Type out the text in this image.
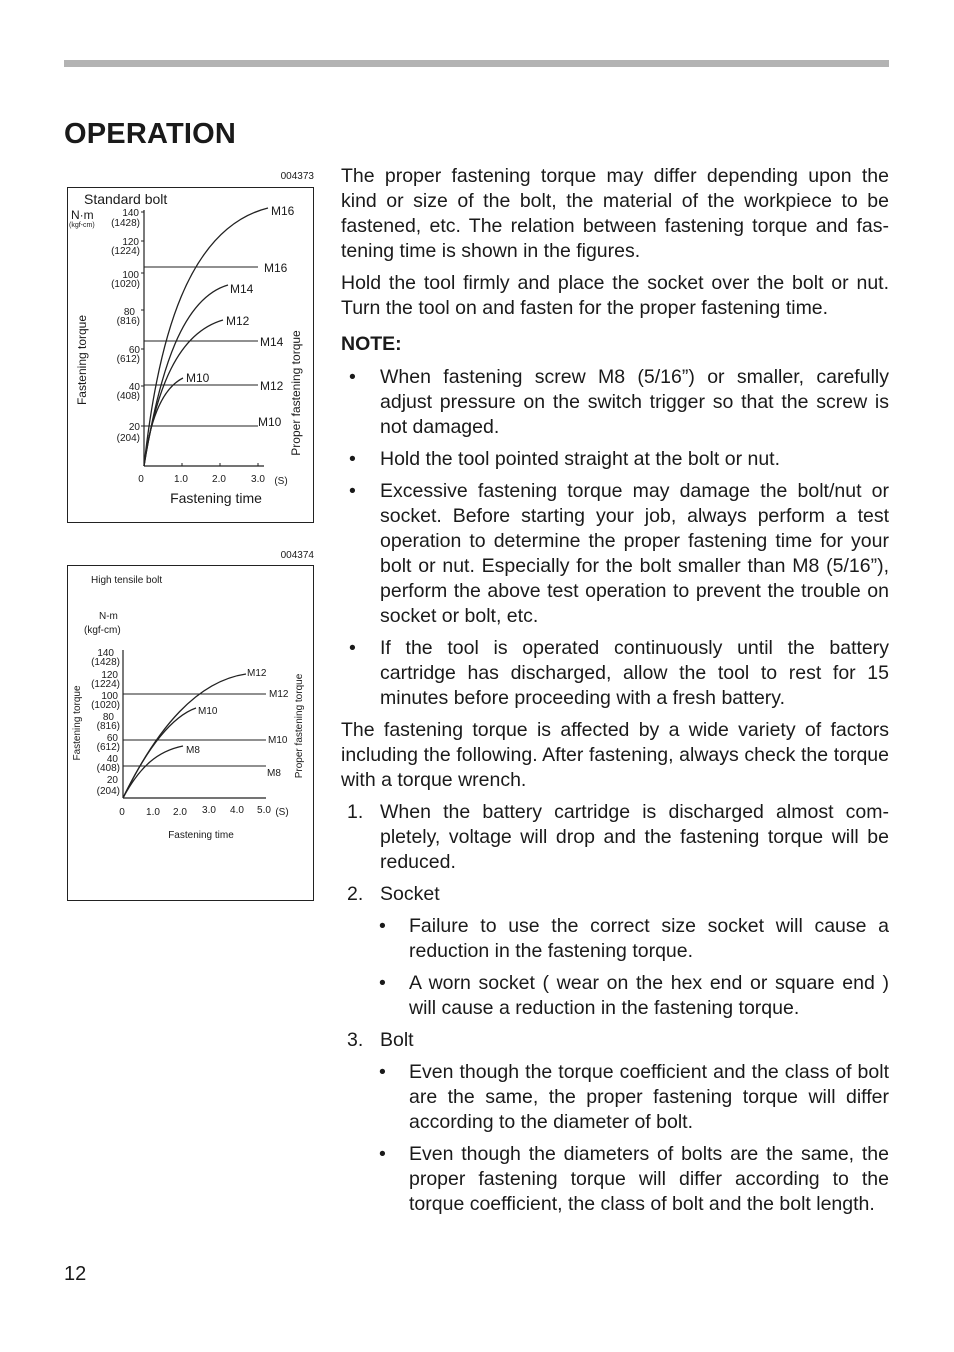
OPERATION
004373
Standard bolt
N·m
(kgf-cm)
140
(1428)
120
(1224)
100
(1020)
80
(816)
60
(612)
40
(408)
20
(204)
0	1.0 2.0	3.0 (S)
Fastening time
Fastening torque	Proper fastening torque
M16
M14
M12
M10
M16
M14
M12
M10
004374
High tensile bolt
N-m
(kgf-cm)
140
(1428)
120
(1224)
100
(1020)
80
(816)
60
(612)
40
(408)
20
(204)
0 1.0 2.0 3.0 4.0 5.0 (S)
Fastening time
Fastening torque	Proper fastening torque
M12
M10
M8
M12
M10
M8

The proper fastening torque may differ depending upon the kind or size of the bolt, the material of the workpiece to be fastened, etc. The relation between fastening torque and fastening time is shown in the figures.

Hold the tool firmly and place the socket over the bolt or nut. Turn the tool on and fasten for the proper fastening time.

NOTE:

• When fastening screw M8 (5/16”) or smaller, carefully adjust pressure on the switch trigger so that the screw is not damaged.
• Hold the tool pointed straight at the bolt or nut.
• Excessive fastening torque may damage the bolt/nut or socket. Before starting your job, always perform a test operation to determine the proper fastening time for your bolt or nut. Especially for the bolt smaller than M8 (5/16”), perform the above test operation to prevent the trouble on socket or bolt, etc.
• If the tool is operated continuously until the battery cartridge has discharged, allow the tool to rest for 15 minutes before proceeding with a fresh battery.

The fastening torque is affected by a wide variety of factors including the following. After fastening, always check the torque with a torque wrench.

1. When the battery cartridge is discharged almost completely, voltage will drop and the fastening torque will be reduced.
2. Socket
• Failure to use the correct size socket will cause a reduction in the fastening torque.
• A worn socket ( wear on the hex end or square end ) will cause a reduction in the fastening torque.
3. Bolt
• Even though the torque coefficient and the class of bolt are the same, the proper fastening torque will differ according to the diameter of bolt.
• Even though the diameters of bolts are the same, the proper fastening torque will differ according to the torque coefficient, the class of bolt and the bolt length.
12
